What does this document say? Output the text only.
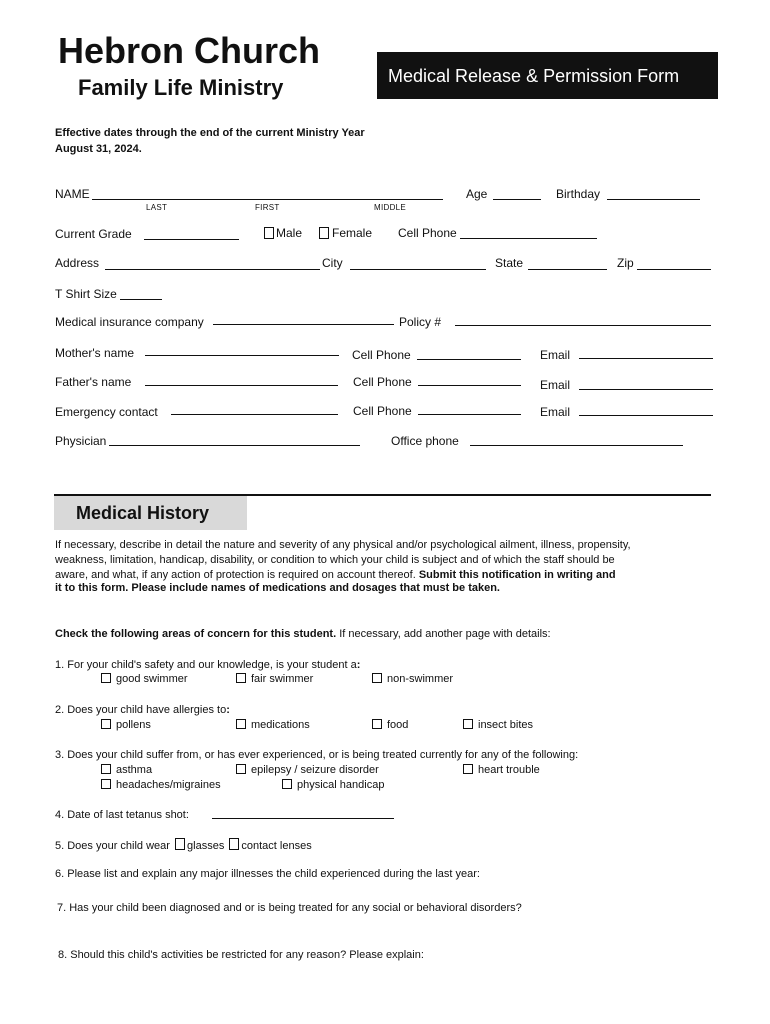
Hebron Church
Family Life Ministry	Medical Release & Permission Form
Effective dates through the end of the current Ministry Year
August 31, 2024.
NAME
LAST	FIRST	MIDDLE
Age	Birthday
Current Grade	Male Female Cell Phone
Address	City	State	Zip
T Shirt Size
Medical insurance company	Policy #
Mother's name	Cell Phone	Email
Father's name	Cell Phone	Email
Emergency contact	Cell Phone	Email
Physician	Office phone
Medical History
If necessary, describe in detail the nature and severity of any physical and/or psychological ailment, illness, propensity,
weakness, limitation, handicap, disability, or condition to which your child is subject and of which the staff should be
aware, and what, if any action of protection is required on account thereof. Submit this notification in writing and
it to this form. Please include names of medications and dosages that must be taken.
Check the following areas of concern for this student. If necessary, add another page with details:
1. For your child's safety and our knowledge, is your student a:
good swimmer	fair swimmer	non-swimmer
2. Does your child have allergies to:
pollens	medications	food	insect bites
3. Does your child suffer from, or has ever experienced, or is being treated currently for any of the following:
asthma	epilepsy / seizure disorder	heart trouble
headaches/migraines	physical handicap
4. Date of last tetanus shot:
5. Does your child wear glasses contact lenses
6. Please list and explain any major illnesses the child experienced during the last year:
7. Has your child been diagnosed and or is being treated for any social or behavioral disorders?
8. Should this child's activities be restricted for any reason? Please explain:
